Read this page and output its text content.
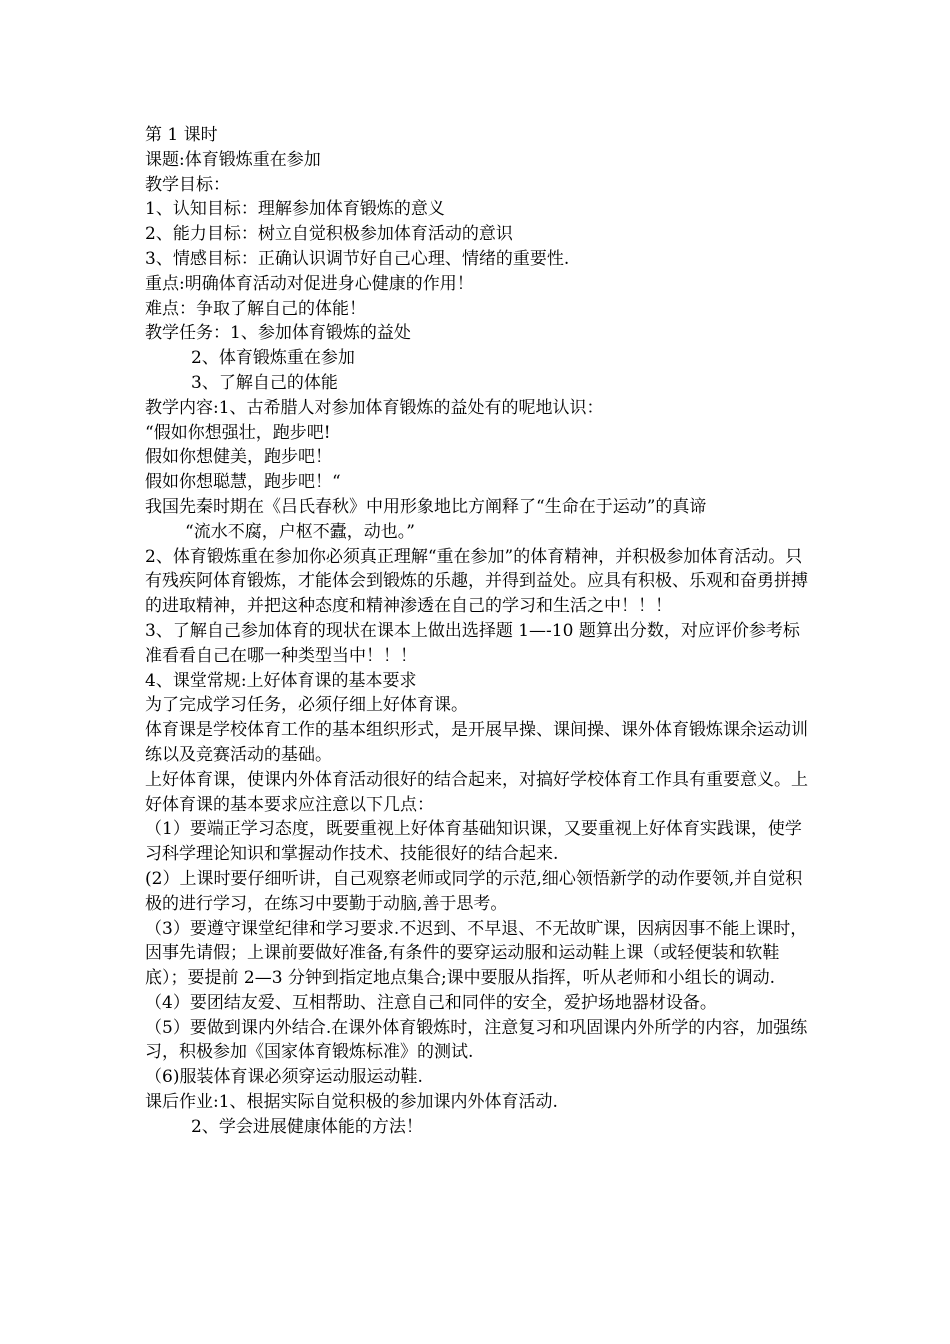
第 1 课时
课题:体育锻炼重在参加
教学目标：
1、认知目标：理解参加体育锻炼的意义
2、能力目标：树立自觉积极参加体育活动的意识
3、情感目标：正确认识调节好自己心理、情绪的重要性.
重点:明确体育活动对促进身心健康的作用！
难点：争取了解自己的体能！
教学任务：1、参加体育锻炼的益处
2、体育锻炼重在参加
3、了解自己的体能
教学内容:1、古希腊人对参加体育锻炼的益处有的呢地认识：
“假如你想强壮，跑步吧!
假如你想健美，跑步吧！
假如你想聪慧，跑步吧！“
我国先秦时期在《吕氏春秋》中用形象地比方阐释了“生命在于运动”的真谛
“流水不腐，户枢不蠹，动也。”
2、体育锻炼重在参加你必须真正理解“重在参加”的体育精神，并积极参加体育活动。只有残疾阿体育锻炼，才能体会到锻炼的乐趣，并得到益处。应具有积极、乐观和奋勇拼搏的进取精神，并把这种态度和精神渗透在自己的学习和生活之中！！！
3、了解自己参加体育的现状在课本上做出选择题 1—-10 题算出分数，对应评价参考标准看看自己在哪一种类型当中！！！
4、课堂常规:上好体育课的基本要求
为了完成学习任务，必须仔细上好体育课。
体育课是学校体育工作的基本组织形式，是开展早操、课间操、课外体育锻炼课余运动训练以及竞赛活动的基础。
上好体育课，使课内外体育活动很好的结合起来，对搞好学校体育工作具有重要意义。上好体育课的基本要求应注意以下几点：
（1）要端正学习态度，既要重视上好体育基础知识课，又要重视上好体育实践课，使学习科学理论知识和掌握动作技术、技能很好的结合起来.
(2）上课时要仔细听讲，自己观察老师或同学的示范,细心领悟新学的动作要领,并自觉积极的进行学习，在练习中要勤于动脑,善于思考。
（3）要遵守课堂纪律和学习要求.不迟到、不早退、不无故旷课，因病因事不能上课时，因事先请假；上课前要做好准备,有条件的要穿运动服和运动鞋上课（或轻便装和软鞋底）；要提前 2—3 分钟到指定地点集合;课中要服从指挥，听从老师和小组长的调动.
（4）要团结友爱、互相帮助、注意自己和同伴的安全，爱护场地器材设备。
（5）要做到课内外结合.在课外体育锻炼时，注意复习和巩固课内外所学的内容，加强练习，积极参加《国家体育锻炼标准》的测试.
（6)服装体育课必须穿运动服运动鞋.
课后作业:1、根据实际自觉积极的参加课内外体育活动.
2、学会进展健康体能的方法！
